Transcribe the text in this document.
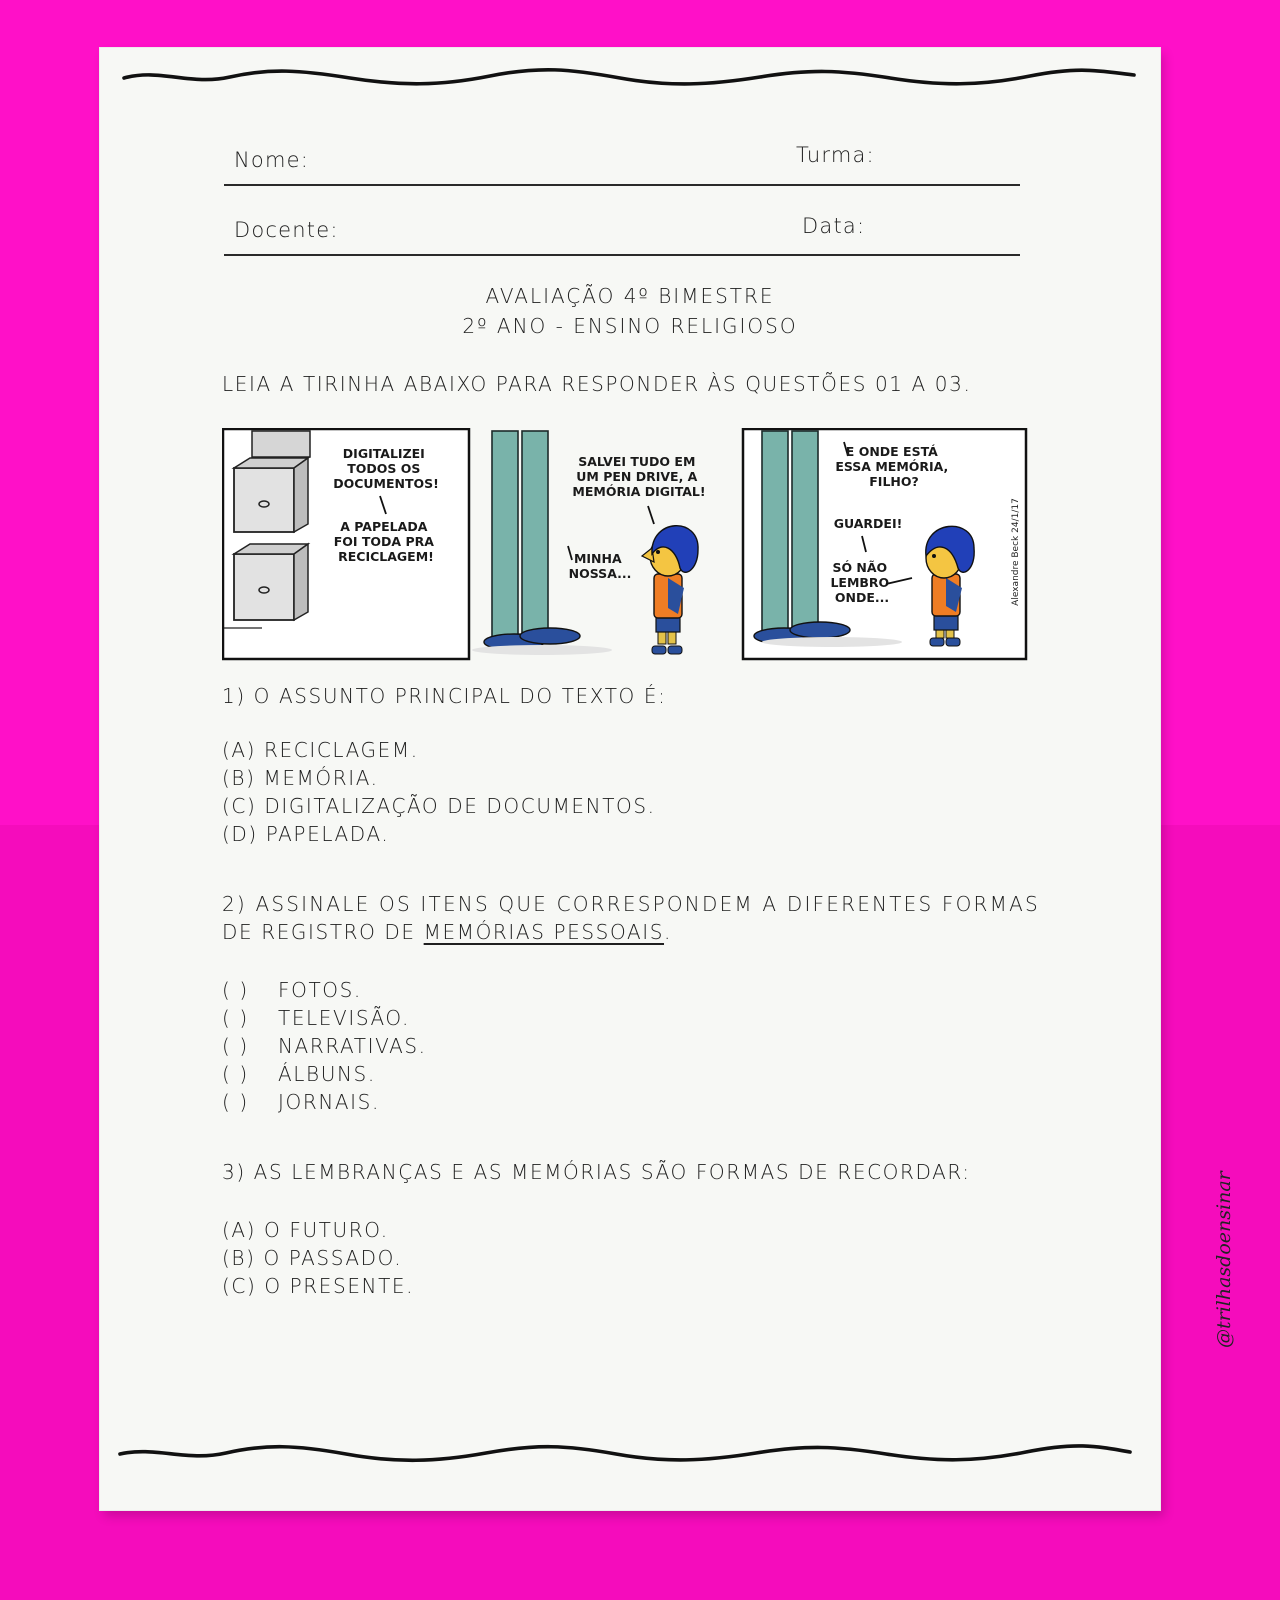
Nome:	Turma:
Docente:	Data:
AVALIAÇÃO 4º BIMESTRE
2º ANO - ENSINO RELIGIOSO
LEIA A TIRINHA ABAIXO PARA RESPONDER ÀS QUESTÕES 01 A 03.
DIGITALIZEI TODOS OS DOCUMENTOS!
A PAPELADA FOI TODA PRA RECICLAGEM!
SALVEI TUDO EM UM PEN DRIVE, A MEMÓRIA DIGITAL!
MINHA NOSSA...
E ONDE ESTÁ ESSA MEMÓRIA, FILHO?
GUARDEI!
SÓ NÃO LEMBRO ONDE...	Alexandre Beck 24/1/17
1) O ASSUNTO PRINCIPAL DO TEXTO É:
(A) RECICLAGEM.
(B) MEMÓRIA.
(C) DIGITALIZAÇÃO DE DOCUMENTOS.
(D) PAPELADA.
2) ASSINALE OS ITENS QUE CORRESPONDEM A DIFERENTES FORMAS
DE REGISTRO DE MEMÓRIAS PESSOAIS.
( ) FOTOS.
( ) TELEVISÃO.
( ) NARRATIVAS.
( ) ÁLBUNS.
( ) JORNAIS.
3) AS LEMBRANÇAS E AS MEMÓRIAS SÃO FORMAS DE RECORDAR:
(A) O FUTURO.
(B) O PASSADO.
(C) O PRESENTE.	@trilhasdoensinar
